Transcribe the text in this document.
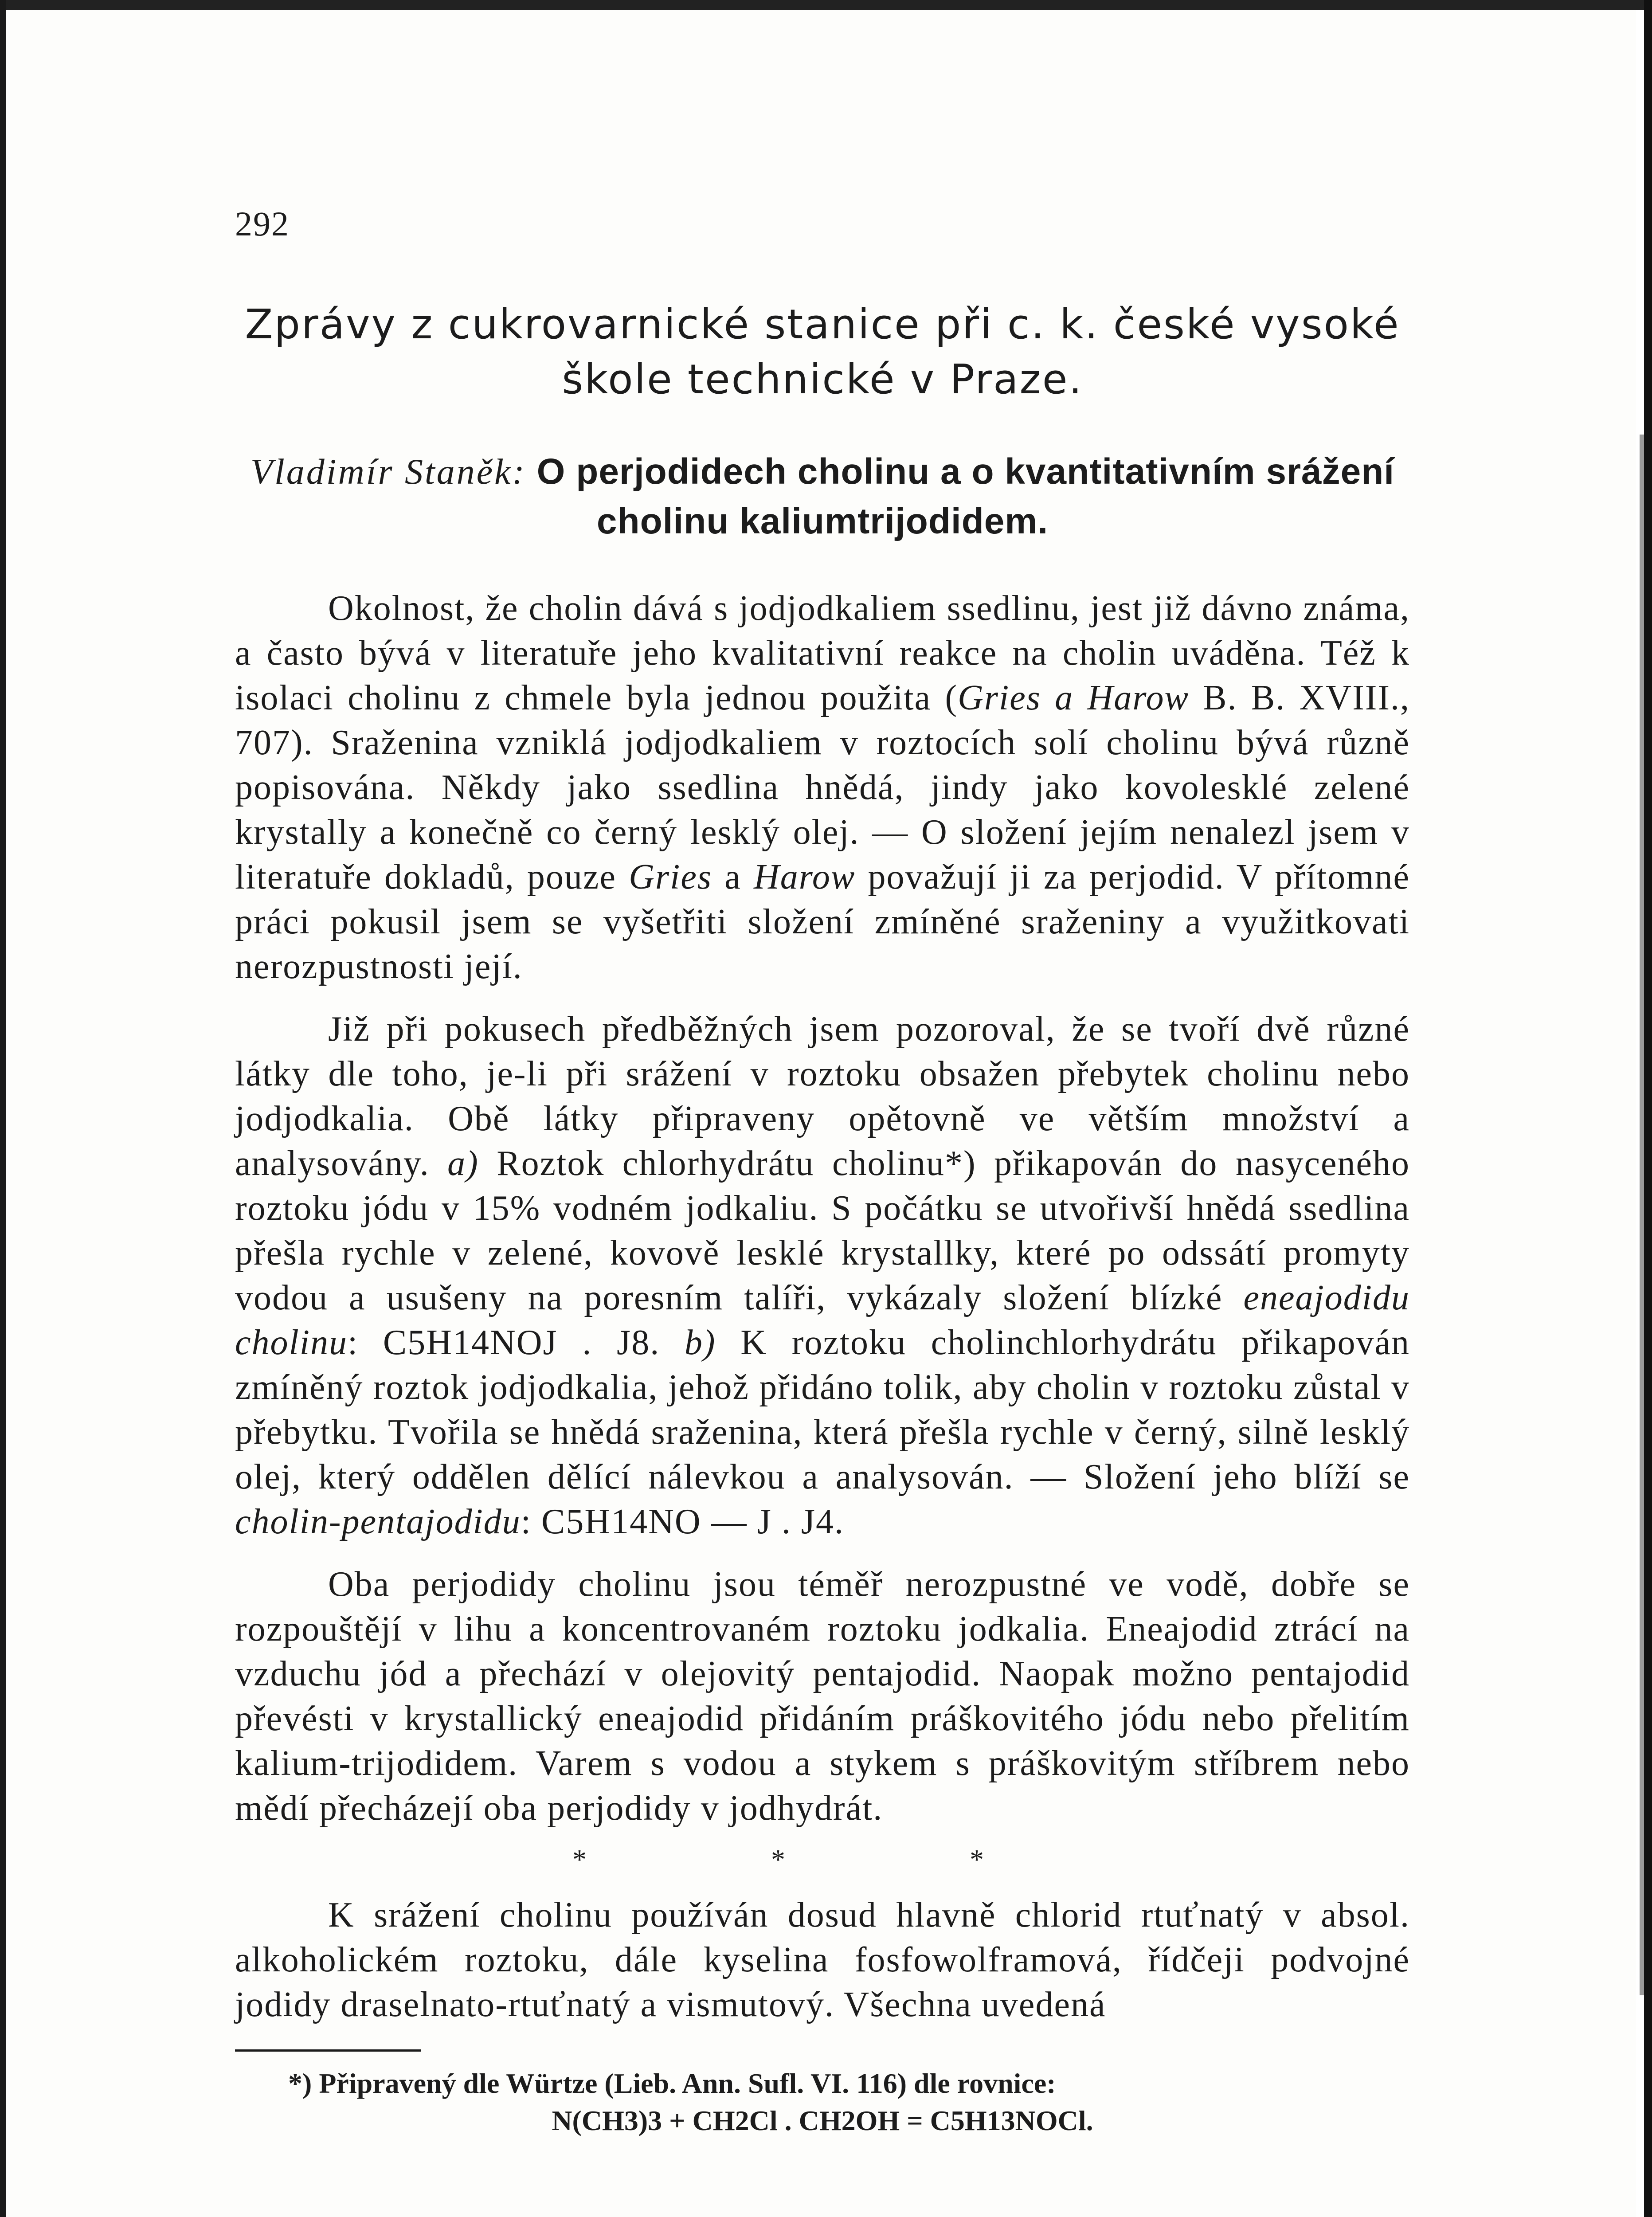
292
Zprávy z cukrovarnické stanice při c. k. české vysoké
škole technické v Praze.
Vladimír Staněk: O perjodidech cholinu a o kvantitativním srážení
cholinu kaliumtrijodidem.

Okolnost, že cholin dává s jodjodkaliem ssedlinu, jest již dávno známa, a často bývá v literatuře jeho kvalitativní reakce na cholin uváděna. Též k isolaci cholinu z chmele byla jednou použita (Gries a Harow B. B. XVIII., 707). Sraženina vzniklá jodjodkaliem v roztocích solí cholinu bývá různě popisována. Někdy jako ssedlina hnědá, jindy jako kovolesklé zelené krystally a konečně co černý lesklý olej. — O složení jejím nenalezl jsem v literatuře dokladů, pouze Gries a Harow považují ji za perjodid. V přítomné práci pokusil jsem se vyšetřiti složení zmíněné sraženiny a využitkovati nerozpustnosti její.

Již při pokusech předběžných jsem pozoroval, že se tvoří dvě různé látky dle toho, je-li při srážení v roztoku obsažen přebytek cholinu nebo jodjodkalia. Obě látky připraveny opětovně ve větším množství a analysovány. a) Roztok chlorhydrátu cholinu*) přikapován do nasyceného roztoku jódu v 15% vodném jodkaliu. S počátku se utvořivší hnědá ssedlina přešla rychle v zelené, kovově lesklé krystallky, které po odssátí promyty vodou a usušeny na poresním talíři, vykázaly složení blízké eneajodidu cholinu: C5H14NOJ . J8. b) K roztoku cholinchlorhydrátu přikapován zmíněný roztok jodjodkalia, jehož přidáno tolik, aby cholin v roztoku zůstal v přebytku. Tvořila se hnědá sraženina, která přešla rychle v černý, silně lesklý olej, který oddělen dělící nálevkou a analysován. — Složení jeho blíží se cholin-pentajodidu: C5H14NO — J . J4.

Oba perjodidy cholinu jsou téměř nerozpustné ve vodě, dobře se rozpouštějí v lihu a koncentrovaném roztoku jodkalia. Eneajodid ztrácí na vzduchu jód a přechází v olejovitý pentajodid. Naopak možno pentajodid převésti v krystallický eneajodid přidáním práškovitého jódu nebo přelitím kalium-trijodidem. Varem s vodou a stykem s práškovitým stříbrem nebo mědí přecházejí oba perjodidy v jodhydrát.

* * *

K srážení cholinu používán dosud hlavně chlorid rtuťnatý v absol. alkoholickém roztoku, dále kyselina fosfowolframová, řídčeji podvojné jodidy draselnato-rtuťnatý a vismutový. Všechna uvedená

*) Připravený dle Würtze (Lieb. Ann. Sufl. VI. 116) dle rovnice:
N(CH3)3 + CH2Cl . CH2OH = C5H13NOCl.
